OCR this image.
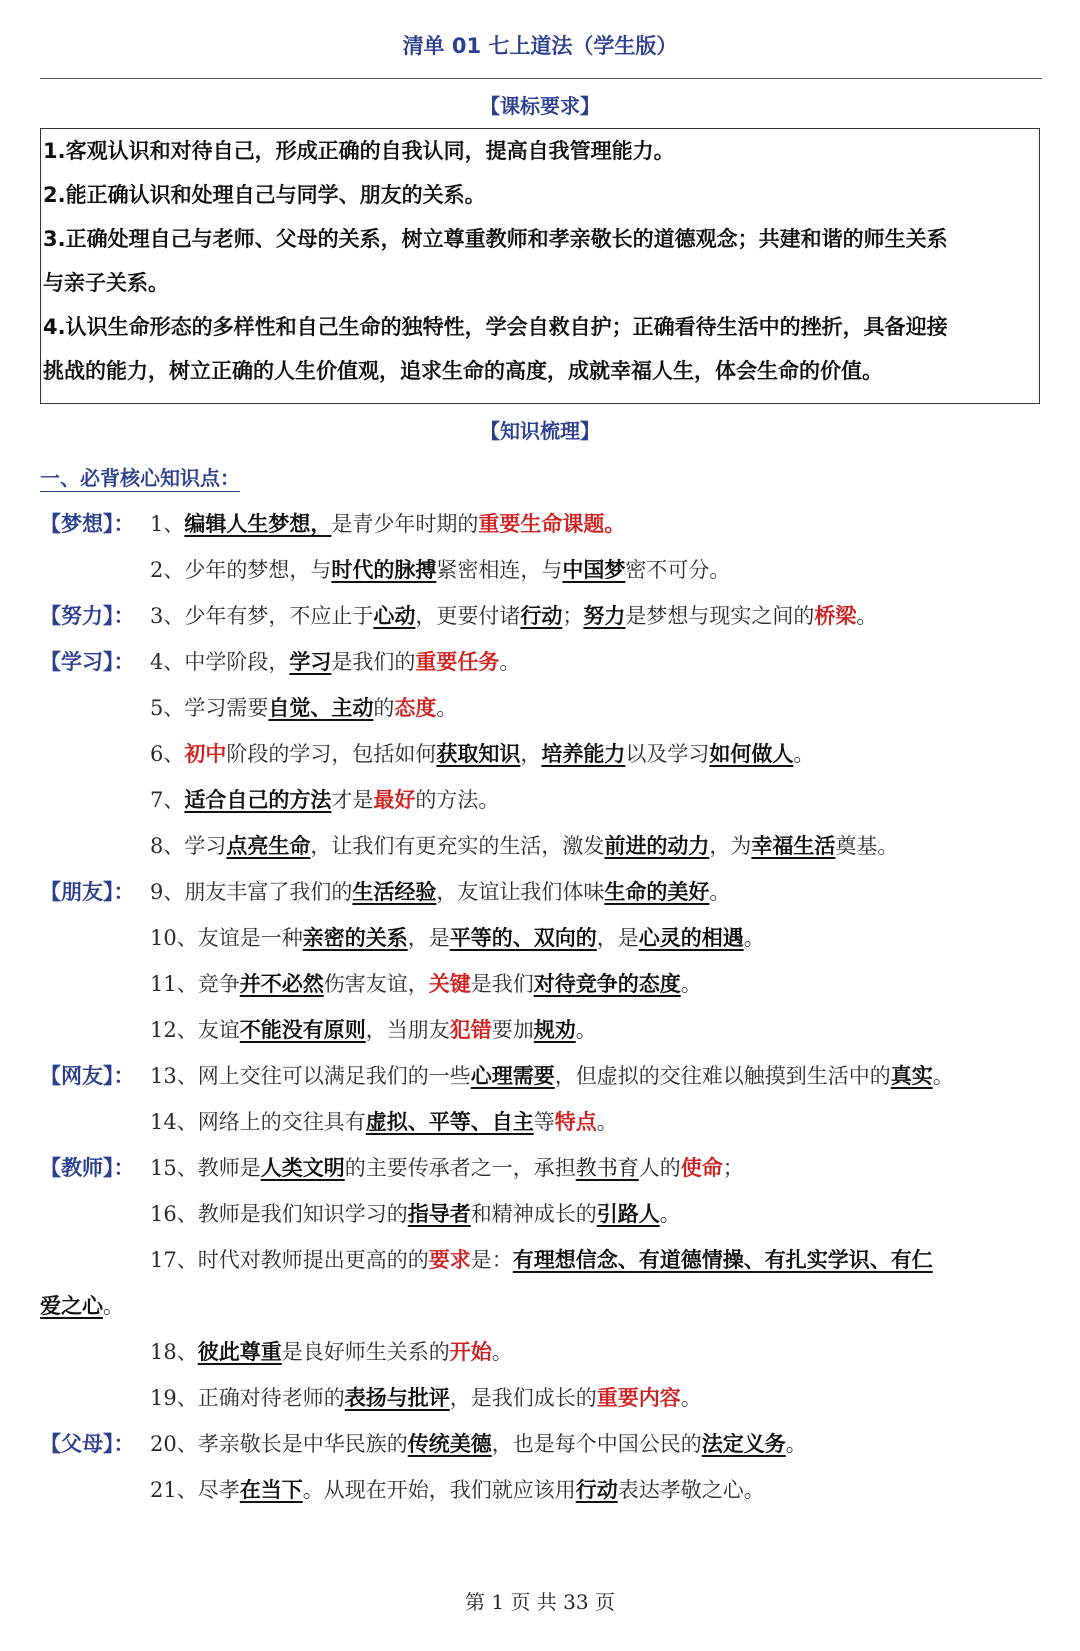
清单 01 七上道法（学生版）
【课标要求】
1.客观认识和对待自己，形成正确的自我认同，提高自我管理能力。
2.能正确认识和处理自己与同学、朋友的关系。
3.正确处理自己与老师、父母的关系，树立尊重教师和孝亲敬长的道德观念；共建和谐的师生关系
与亲子关系。
4.认识生命形态的多样性和自己生命的独特性，学会自救自护；正确看待生活中的挫折，具备迎接
挑战的能力，树立正确的人生价值观，追求生命的高度，成就幸福人生，体会生命的价值。
【知识梳理】
一、必背核心知识点：
【梦想】： 1、编辑人生梦想，是青少年时期的重要生命课题。
2、少年的梦想，与时代的脉搏紧密相连，与中国梦密不可分。
【努力】： 3、少年有梦，不应止于心动，更要付诸行动；努力是梦想与现实之间的桥梁。
【学习】： 4、中学阶段，学习是我们的重要任务。
5、学习需要自觉、主动的态度。
6、初中阶段的学习，包括如何获取知识，培养能力以及学习如何做人。
7、适合自己的方法才是最好的方法。
8、学习点亮生命，让我们有更充实的生活，激发前进的动力，为幸福生活奠基。
【朋友】： 9、朋友丰富了我们的生活经验，友谊让我们体味生命的美好。
10、友谊是一种亲密的关系，是平等的、双向的，是心灵的相遇。
11、竞争并不必然伤害友谊，关键是我们对待竞争的态度。
12、友谊不能没有原则，当朋友犯错要加规劝。
【网友】： 13、网上交往可以满足我们的一些心理需要，但虚拟的交往难以触摸到生活中的真实。
14、网络上的交往具有虚拟、平等、自主等特点。
【教师】： 15、教师是人类文明的主要传承者之一，承担教书育人的使命；
16、教师是我们知识学习的指导者和精神成长的引路人。
17、时代对教师提出更高的的要求是：有理想信念、有道德情操、有扎实学识、有仁
爱之心。
18、彼此尊重是良好师生关系的开始。
19、正确对待老师的表扬与批评，是我们成长的重要内容。
【父母】： 20、孝亲敬长是中华民族的传统美德，也是每个中国公民的法定义务。
21、尽孝在当下。从现在开始，我们就应该用行动表达孝敬之心。
第 1 页 共 33 页
